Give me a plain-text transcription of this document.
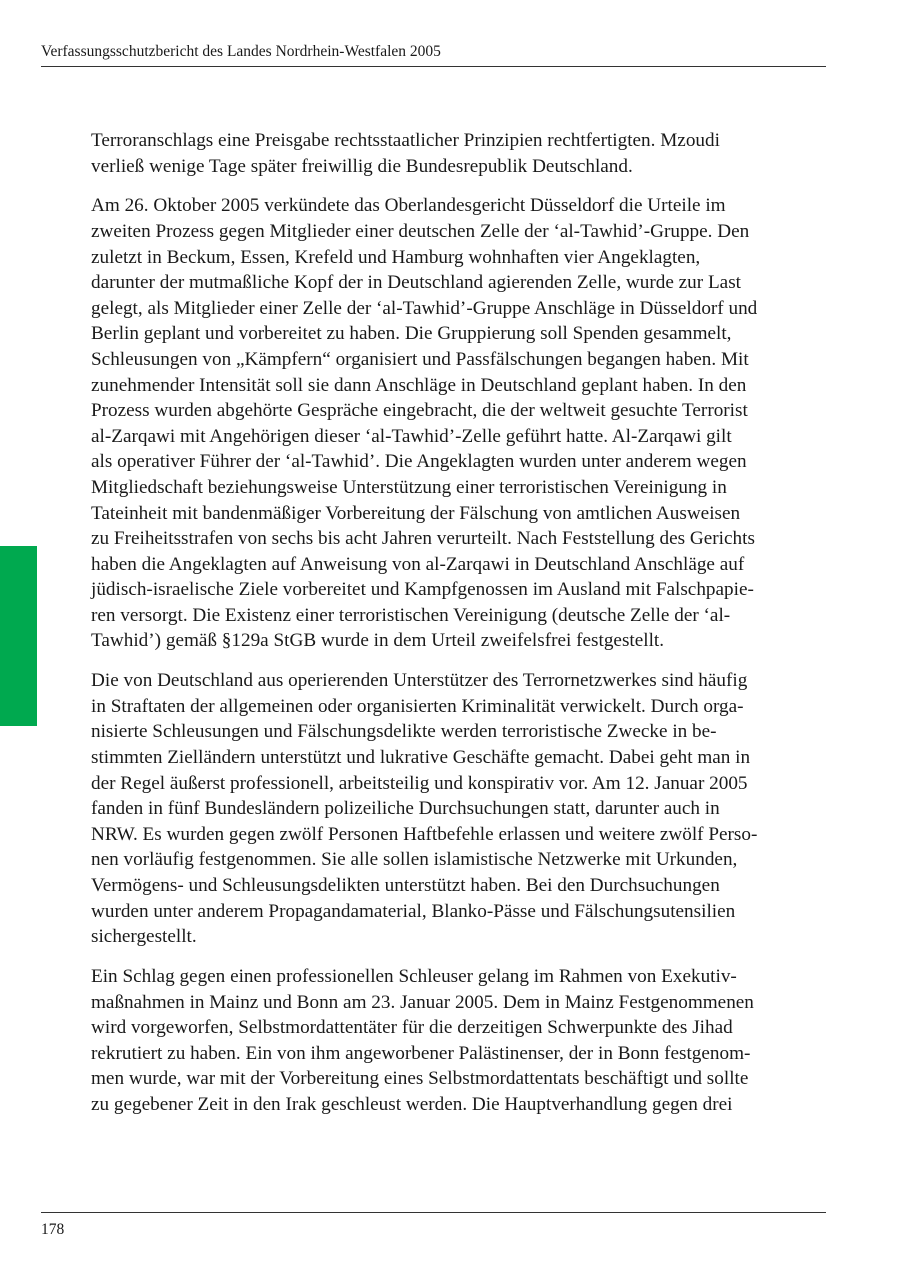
Verfassungsschutzbericht des Landes Nordrhein-Westfalen 2005

Terroranschlags eine Preisgabe rechtsstaatlicher Prinzipien rechtfertigten. Mzoudi
verließ wenige Tage später freiwillig die Bundesrepublik Deutschland.

Am 26. Oktober 2005 verkündete das Oberlandesgericht Düsseldorf die Urteile im
zweiten Prozess gegen Mitglieder einer deutschen Zelle der ‘al-Tawhid’-Gruppe. Den
zuletzt in Beckum, Essen, Krefeld und Hamburg wohnhaften vier Angeklagten,
darunter der mutmaßliche Kopf der in Deutschland agierenden Zelle, wurde zur Last
gelegt, als Mitglieder einer Zelle der ‘al-Tawhid’-Gruppe Anschläge in Düsseldorf und
Berlin geplant und vorbereitet zu haben. Die Gruppierung soll Spenden gesammelt,
Schleusungen von „Kämpfern“ organisiert und Passfälschungen begangen haben. Mit
zunehmender Intensität soll sie dann Anschläge in Deutschland geplant haben. In den
Prozess wurden abgehörte Gespräche eingebracht, die der weltweit gesuchte Terrorist
al-Zarqawi mit Angehörigen dieser ‘al-Tawhid’-Zelle geführt hatte. Al-Zarqawi gilt
als operativer Führer der ‘al-Tawhid’. Die Angeklagten wurden unter anderem wegen
Mitgliedschaft beziehungsweise Unterstützung einer terroristischen Vereinigung in
Tateinheit mit bandenmäßiger Vorbereitung der Fälschung von amtlichen Ausweisen
zu Freiheitsstrafen von sechs bis acht Jahren verurteilt. Nach Feststellung des Gerichts
haben die Angeklagten auf Anweisung von al-Zarqawi in Deutschland Anschläge auf
jüdisch-israelische Ziele vorbereitet und Kampfgenossen im Ausland mit Falschpapie-
ren versorgt. Die Existenz einer terroristischen Vereinigung (deutsche Zelle der ‘al-
Tawhid’) gemäß §129a StGB wurde in dem Urteil zweifelsfrei festgestellt.

Die von Deutschland aus operierenden Unterstützer des Terrornetzwerkes sind häufig
in Straftaten der allgemeinen oder organisierten Kriminalität verwickelt. Durch orga-
nisierte Schleusungen und Fälschungsdelikte werden terroristische Zwecke in be-
stimmten Zielländern unterstützt und lukrative Geschäfte gemacht. Dabei geht man in
der Regel äußerst professionell, arbeitsteilig und konspirativ vor. Am 12. Januar 2005
fanden in fünf Bundesländern polizeiliche Durchsuchungen statt, darunter auch in
NRW. Es wurden gegen zwölf Personen Haftbefehle erlassen und weitere zwölf Perso-
nen vorläufig festgenommen. Sie alle sollen islamistische Netzwerke mit Urkunden,
Vermögens- und Schleusungsdelikten unterstützt haben. Bei den Durchsuchungen
wurden unter anderem Propagandamaterial, Blanko-Pässe und Fälschungsutensilien
sichergestellt.

Ein Schlag gegen einen professionellen Schleuser gelang im Rahmen von Exekutiv-
maßnahmen in Mainz und Bonn am 23. Januar 2005. Dem in Mainz Festgenommenen
wird vorgeworfen, Selbstmordattentäter für die derzeitigen Schwerpunkte des Jihad
rekrutiert zu haben. Ein von ihm angeworbener Palästinenser, der in Bonn festgenom-
men wurde, war mit der Vorbereitung eines Selbstmordattentats beschäftigt und sollte
zu gegebener Zeit in den Irak geschleust werden. Die Hauptverhandlung gegen drei

178
